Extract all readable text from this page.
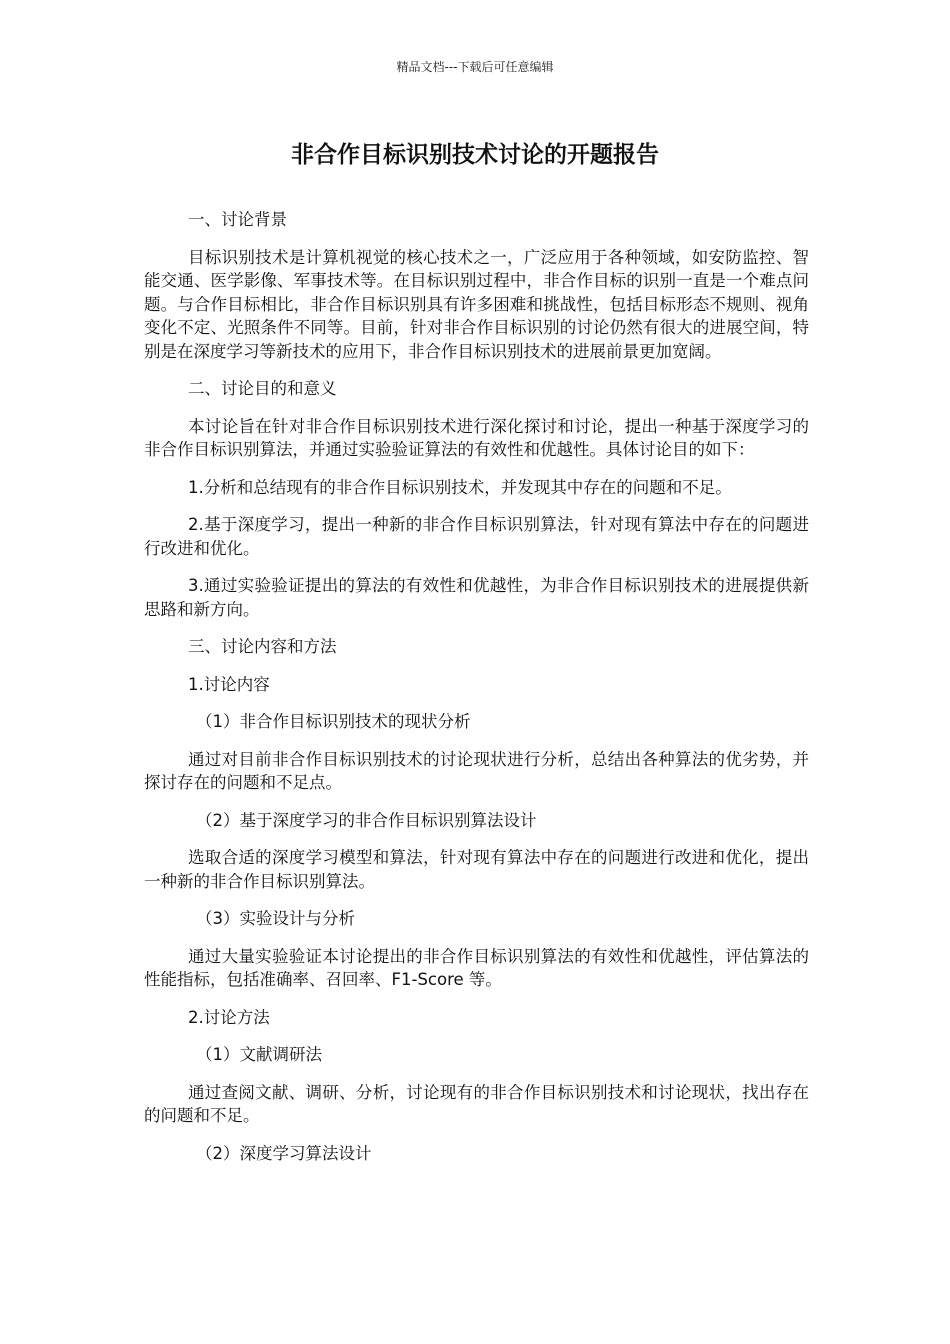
精品文档---下载后可任意编辑
非合作目标识别技术讨论的开题报告

一、讨论背景

目标识别技术是计算机视觉的核心技术之一，广泛应用于各种领域，如安防监控、智能交通、医学影像、军事技术等。在目标识别过程中，非合作目标的识别一直是一个难点问题。与合作目标相比，非合作目标识别具有许多困难和挑战性，包括目标形态不规则、视角变化不定、光照条件不同等。目前，针对非合作目标识别的讨论仍然有很大的进展空间，特别是在深度学习等新技术的应用下，非合作目标识别技术的进展前景更加宽阔。

二、讨论目的和意义

本讨论旨在针对非合作目标识别技术进行深化探讨和讨论，提出一种基于深度学习的非合作目标识别算法，并通过实验验证算法的有效性和优越性。具体讨论目的如下：

1.分析和总结现有的非合作目标识别技术，并发现其中存在的问题和不足。

2.基于深度学习，提出一种新的非合作目标识别算法，针对现有算法中存在的问题进行改进和优化。

3.通过实验验证提出的算法的有效性和优越性，为非合作目标识别技术的进展提供新思路和新方向。

三、讨论内容和方法

1.讨论内容

（1）非合作目标识别技术的现状分析

通过对目前非合作目标识别技术的讨论现状进行分析，总结出各种算法的优劣势，并探讨存在的问题和不足点。

（2）基于深度学习的非合作目标识别算法设计

选取合适的深度学习模型和算法，针对现有算法中存在的问题进行改进和优化，提出一种新的非合作目标识别算法。

（3）实验设计与分析

通过大量实验验证本讨论提出的非合作目标识别算法的有效性和优越性，评估算法的性能指标，包括准确率、召回率、F1-Score 等。

2.讨论方法

（1）文献调研法

通过查阅文献、调研、分析，讨论现有的非合作目标识别技术和讨论现状，找出存在的问题和不足。

（2）深度学习算法设计
